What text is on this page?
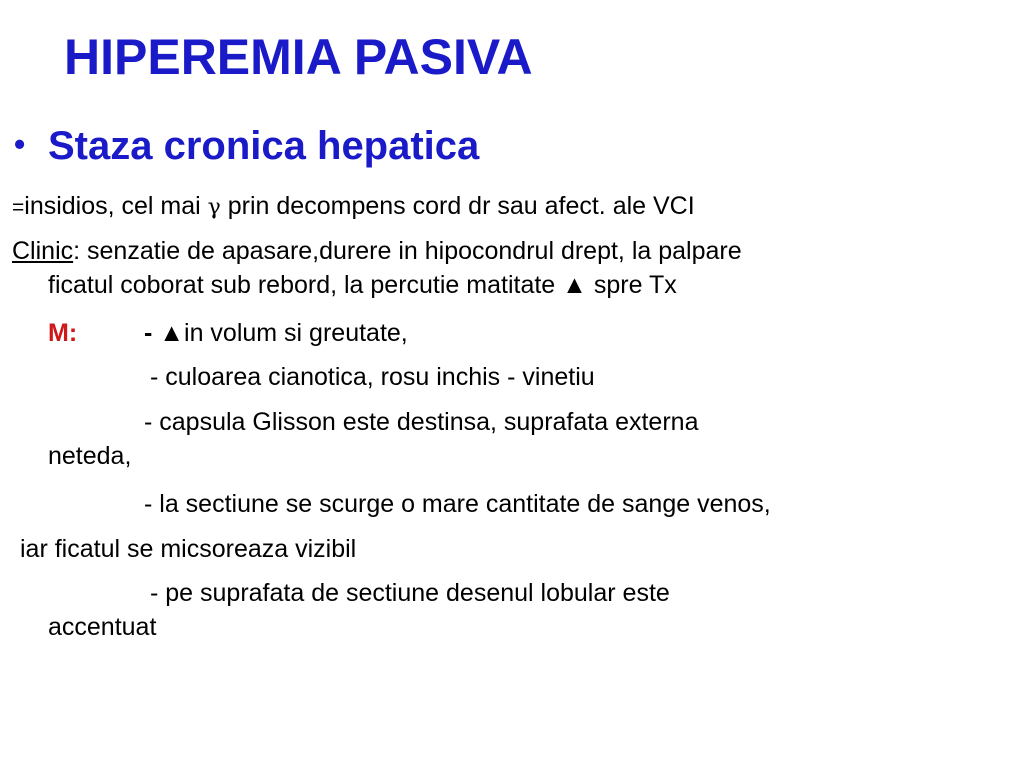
HIPEREMIA PASIVA
• Staza cronica hepatica
=insidios, cel mai γ prin decompens cord dr sau afect. ale VCI
Clinic: senzatie de apasare,durere in hipocondrul drept, la palpare
ficatul coborat sub rebord, la percutie matitate ▲ spre Tx
M:	- ▲in volum si greutate,
- culoarea cianotica, rosu inchis - vinetiu
- capsula Glisson este destinsa, suprafata externa
neteda,
- la sectiune se scurge o mare cantitate de sange venos,
iar ficatul se micsoreaza vizibil
- pe suprafata de sectiune desenul lobular este
accentuat
